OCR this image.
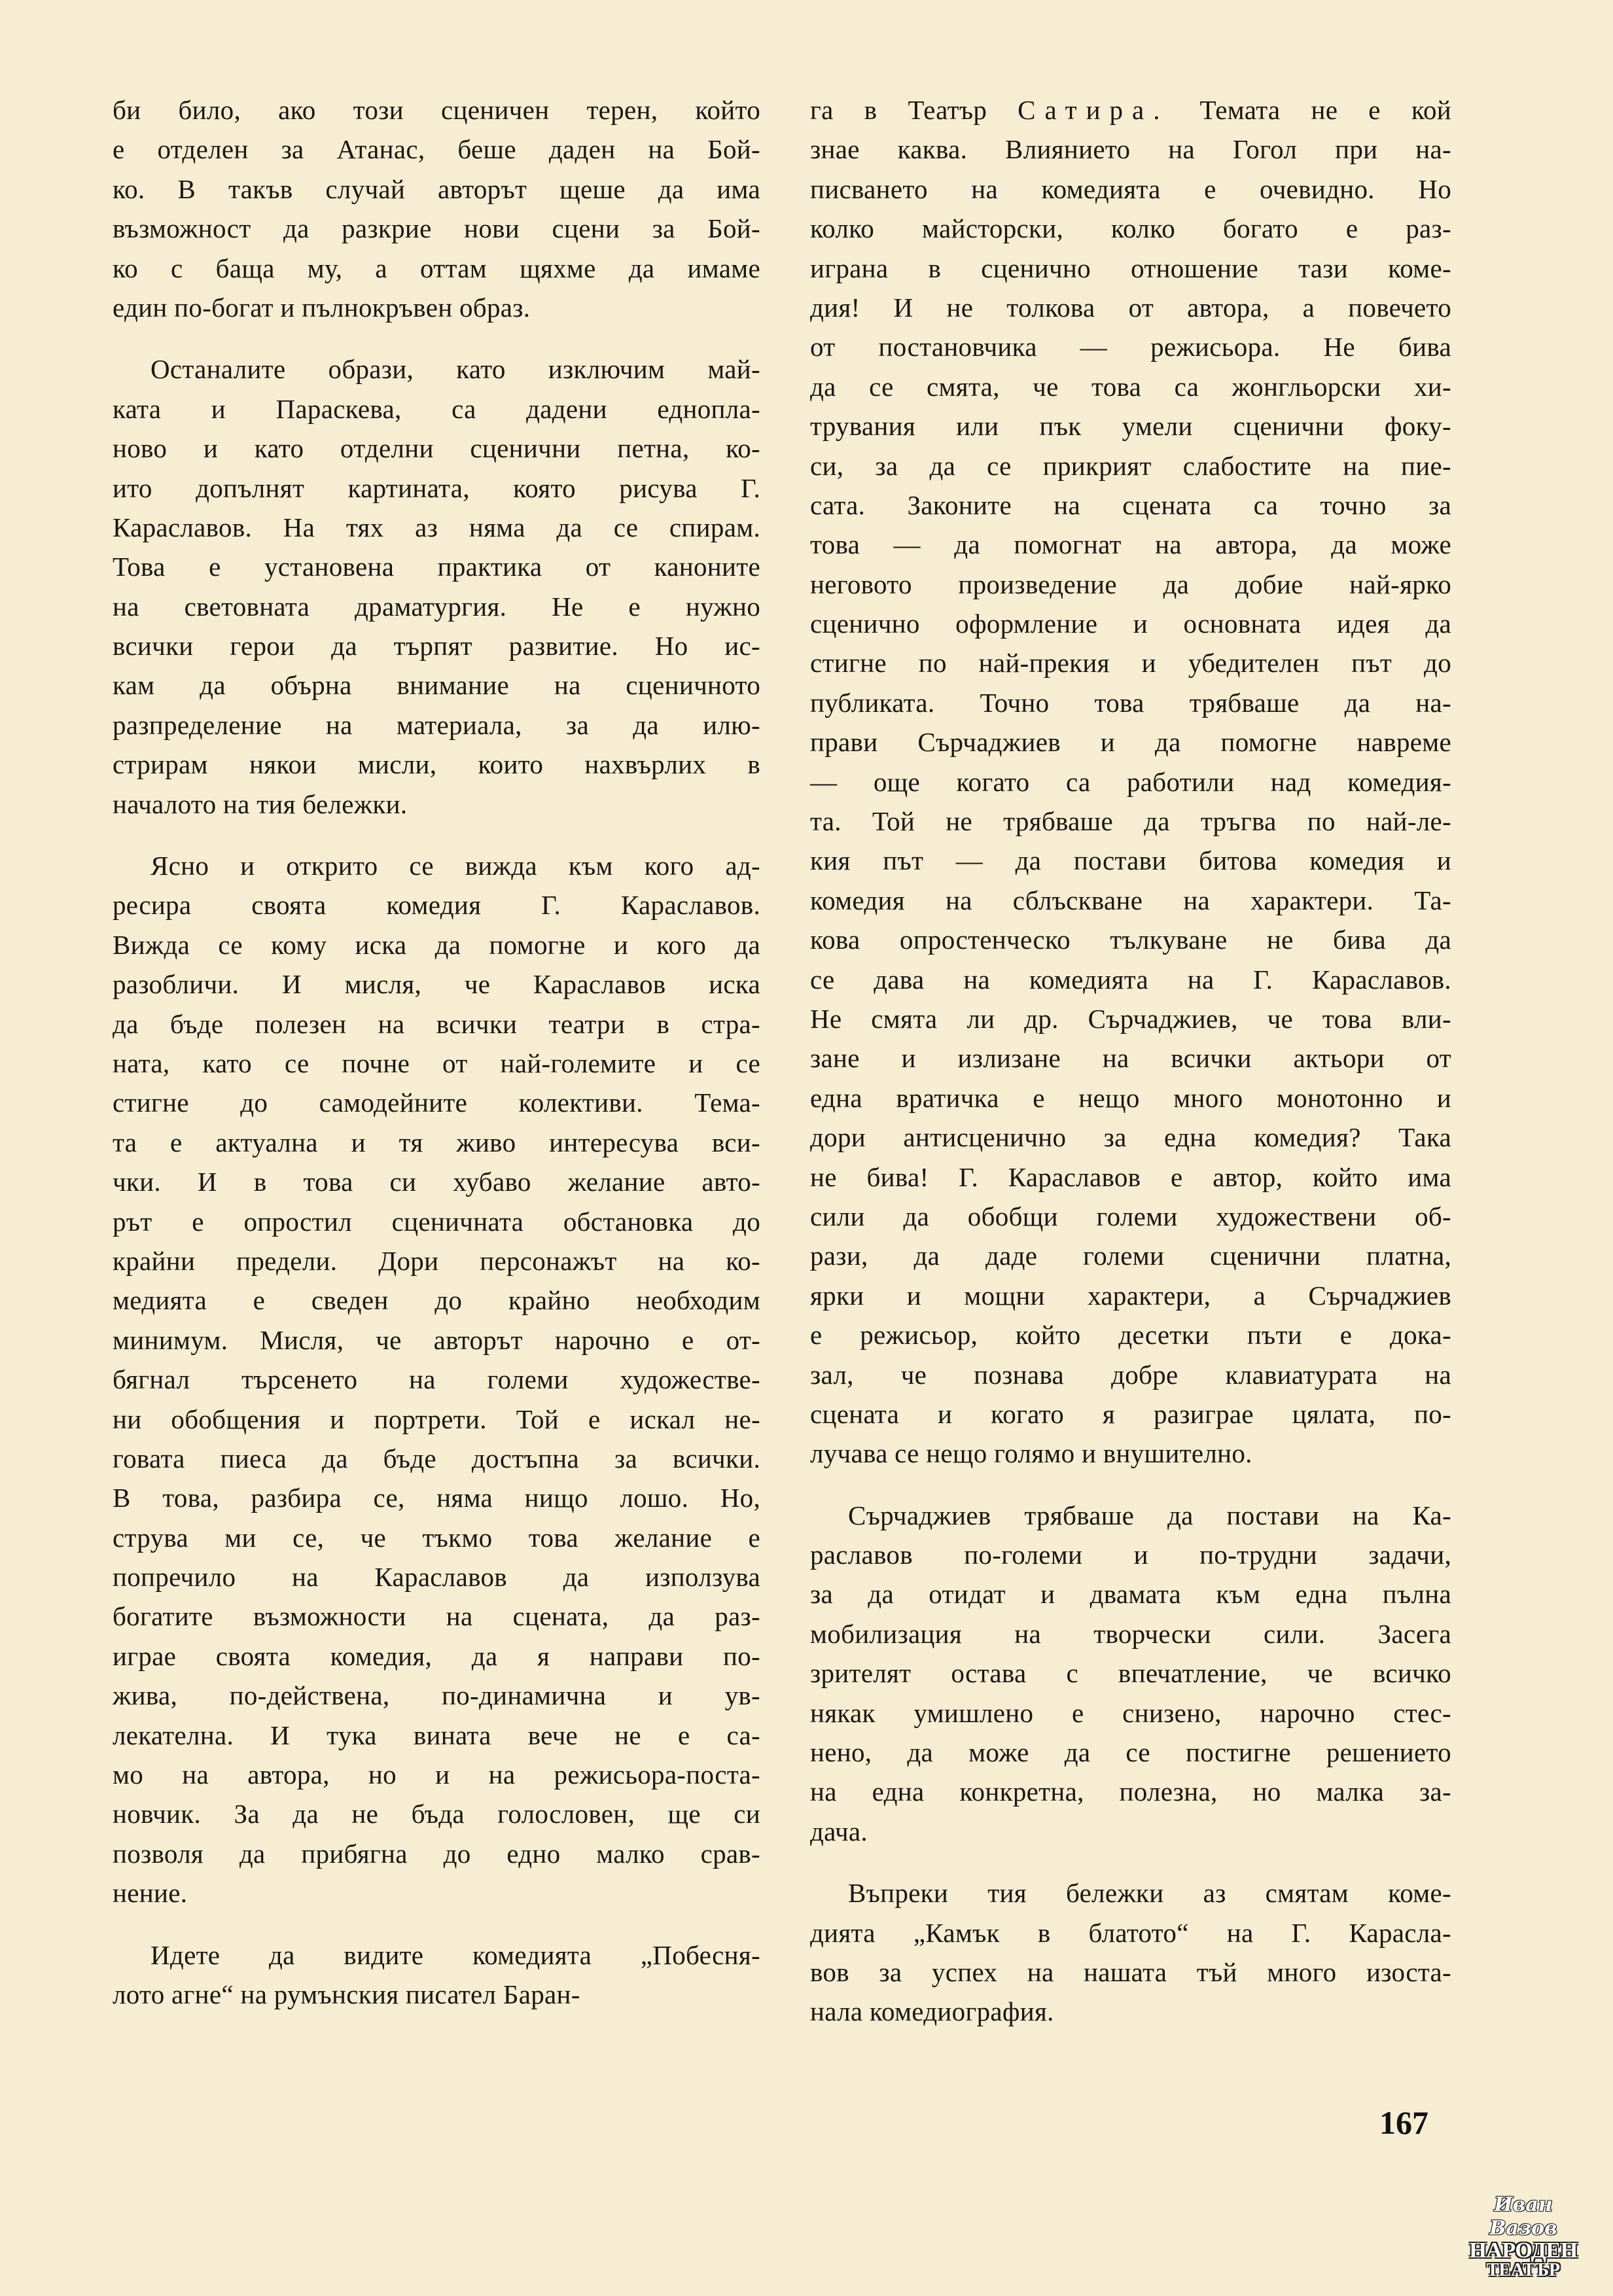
би било, ако този сценичен терен, който
е отделен за Атанас, беше даден на Бой-
ко. В такъв случай авторът щеше да има
възможност да разкрие нови сцени за Бой-
ко с баща му, а оттам щяхме да имаме
един по-богат и пълнокръвен образ.
Останалите образи, като изключим май-
ката и Параскева, са дадени еднопла-
ново и като отделни сценични петна, ко-
ито допълнят картината, която рисува Г.
Караславов. На тях аз няма да се спирам.
Това е установена практика от каноните
на световната драматургия. Не е нужно
всички герои да търпят развитие. Но ис-
кам да обърна внимание на сценичното
разпределение на материала, за да илю-
стрирам някои мисли, които нахвърлих в
началото на тия бележки.
Ясно и открито се вижда към кого ад-
ресира своята комедия Г. Караславов.
Вижда се кому иска да помогне и кого да
разобличи. И мисля, че Караславов иска
да бъде полезен на всички театри в стра-
ната, като се почне от най-големите и се
стигне до самодейните колективи. Тема-
та е актуална и тя живо интересува вси-
чки. И в това си хубаво желание авто-
рът е опростил сценичната обстановка до
крайни предели. Дори персонажът на ко-
медията е сведен до крайно необходим
минимум. Мисля, че авторът нарочно е от-
бягнал търсенето на големи художестве-
ни обобщения и портрети. Той е искал не-
говата пиеса да бъде достъпна за всички.
В това, разбира се, няма нищо лошо. Но,
струва ми се, че тъкмо това желание е
попречило на Караславов да използува
богатите възможности на сцената, да раз-
играе своята комедия, да я направи по-
жива, по-действена, по-динамична и ув-
лекателна. И тука вината вече не е са-
мо на автора, но и на режисьора-поста-
новчик. За да не бъда голословен, ще си
позволя да прибягна до едно малко срав-
нение.
Идете да видите комедията „Побесня-
лото агне“ на румънския писател Баран-
га в Театър Сатира. Темата не е кой
знае каква. Влиянието на Гогол при на-
писването на комедията е очевидно. Но
колко майсторски, колко богато е раз-
играна в сценично отношение тази коме-
дия! И не толкова от автора, а повечето
от постановчика — режисьора. Не бива
да се смята, че това са жонгльорски хи-
трувания или пък умели сценични фоку-
си, за да се прикрият слабостите на пие-
сата. Законите на сцената са точно за
това — да помогнат на автора, да може
неговото произведение да добие най-ярко
сценично оформление и основната идея да
стигне по най-прекия и убедителен път до
публиката. Точно това трябваше да на-
прави Сърчаджиев и да помогне навреме
— още когато са работили над комедия-
та. Той не трябваше да тръгва по най-ле-
кия път — да постави битова комедия и
комедия на сблъскване на характери. Та-
кова опростенческо тълкуване не бива да
се дава на комедията на Г. Караславов.
Не смята ли др. Сърчаджиев, че това вли-
зане и излизане на всички актьори от
една вратичка е нещо много монотонно и
дори антисценично за една комедия? Така
не бива! Г. Караславов е автор, който има
сили да обобщи големи художествени об-
рази, да даде големи сценични платна,
ярки и мощни характери, а Сърчаджиев
е режисьор, който десетки пъти е дока-
зал, че познава добре клавиатурата на
сцената и когато я разиграе цялата, по-
лучава се нещо голямо и внушително.
Сърчаджиев трябваше да постави на Ка-
раславов по-големи и по-трудни задачи,
за да отидат и двамата към една пълна
мобилизация на творчески сили. Засега
зрителят остава с впечатление, че всичко
някак умишлено е снизено, нарочно стес-
нено, да може да се постигне решението
на една конкретна, полезна, но малка за-
дача.
Въпреки тия бележки аз смятам коме-
дията „Камък в блатото“ на Г. Карасла-
вов за успех на нашата тъй много изоста-
нала комедиография.
167
Иван Вазов
НАРОДЕН
ТЕАТЪР
